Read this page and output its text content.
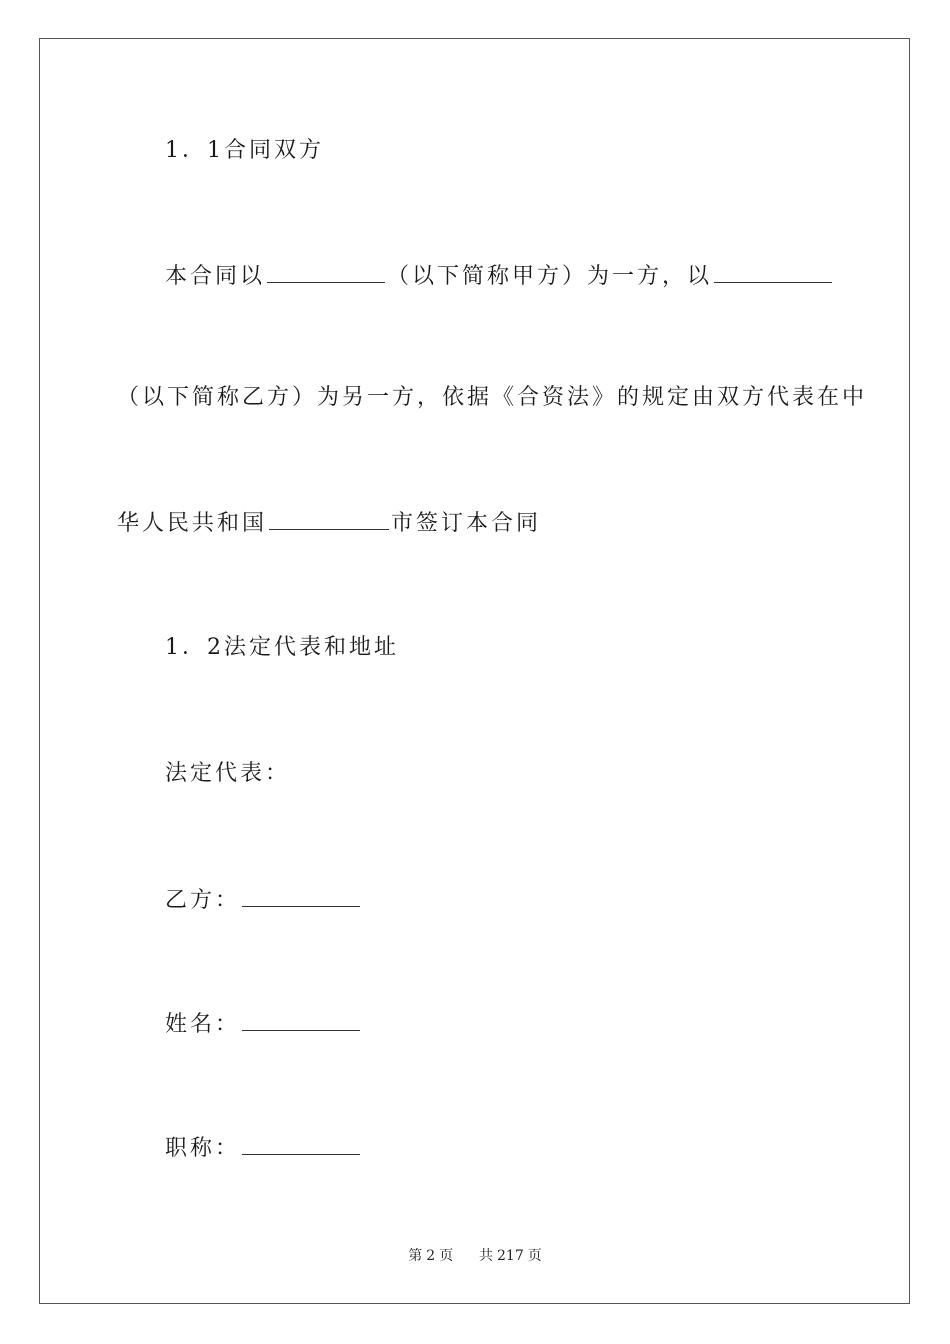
1．1合同双方
本合同以	（以下简称甲方）为一方，以
（以下简称乙方）为另一方，依据《合资法》的规定由双方代表在中
华人民共和国	市签订本合同
1．2法定代表和地址
法定代表：
乙方：
姓名：
职称：
第 2 页 共 217 页
